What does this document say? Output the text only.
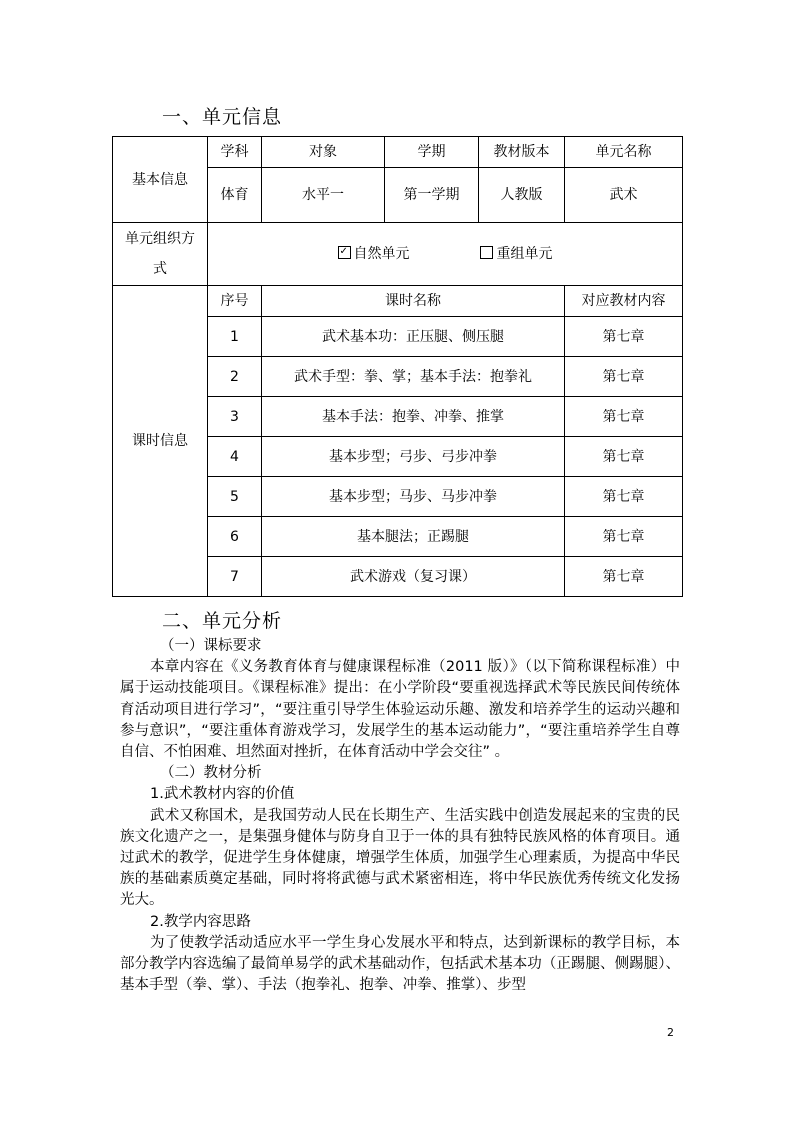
一、单元信息
基本信息	学科	对象	学期	教材版本	单元名称
	体育	水平一	第一学期	人教版	武术
单元组织方式	✓自然单元 重组单元
课时信息	序号	课时名称			对应教材内容
	1	武术基本功：正压腿、侧压腿			第七章
	2	武术手型：拳、掌；基本手法：抱拳礼			第七章
	3	基本手法：抱拳、冲拳、推掌			第七章
	4	基本步型；弓步、弓步冲拳			第七章
	5	基本步型；马步、马步冲拳			第七章
	6	基本腿法；正踢腿			第七章
	7	武术游戏（复习课）			第七章
二、单元分析

（一）课标要求

本章内容在《义务教育体育与健康课程标准（2011 版）》（以下简称课程标准）中属于运动技能项目。《课程标准》提出：在小学阶段“要重视选择武术等民族民间传统体育活动项目进行学习”，“要注重引导学生体验运动乐趣、激发和培养学生的运动兴趣和参与意识”，“要注重体育游戏学习，发展学生的基本运动能力”，“要注重培养学生自尊自信、不怕困难、坦然面对挫折，在体育活动中学会交往” 。

（二）教材分析

1.武术教材内容的价值

武术又称国术，是我国劳动人民在长期生产、生活实践中创造发展起来的宝贵的民族文化遗产之一，是集强身健体与防身自卫于一体的具有独特民族风格的体育项目。通过武术的教学，促进学生身体健康，增强学生体质，加强学生心理素质，为提高中华民族的基础素质奠定基础，同时将将武德与武术紧密相连，将中华民族优秀传统文化发扬光大。

2.教学内容思路

为了使教学活动适应水平一学生身心发展水平和特点，达到新课标的教学目标，本部分教学内容选编了最简单易学的武术基础动作，包括武术基本功（正踢腿、侧踢腿）、基本手型（拳、掌）、手法（抱拳礼、抱拳、冲拳、推掌）、步型

2
